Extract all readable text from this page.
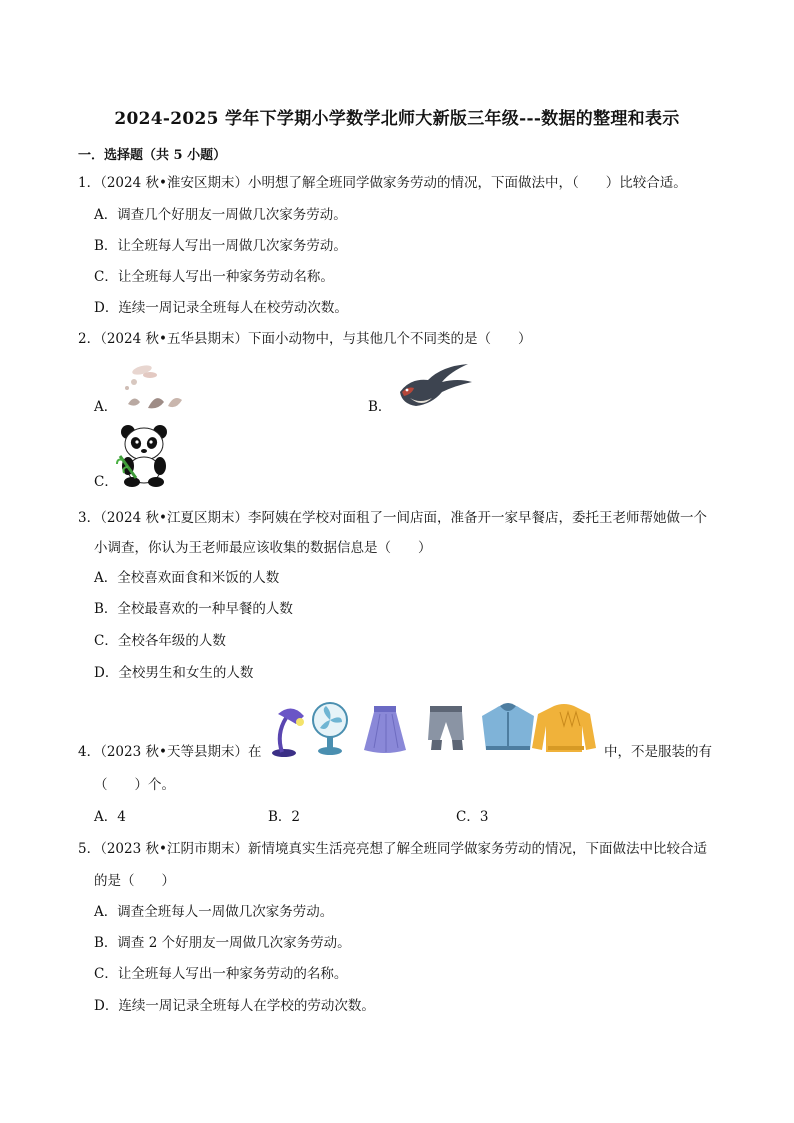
2024-2025 学年下学期小学数学北师大新版三年级---数据的整理和表示
一．选择题（共 5 小题）
1．（2024 秋•淮安区期末）小明想了解全班同学做家务劳动的情况，下面做法中，（　　）比较合适。
A．调查几个好朋友一周做几次家务劳动。
B．让全班每人写出一周做几次家务劳动。
C．让全班每人写出一种家务劳动名称。
D．连续一周记录全班每人在校劳动次数。
2．（2024 秋•五华县期末）下面小动物中，与其他几个不同类的是（　　）
A．	B．
C．
3．（2024 秋•江夏区期末）李阿姨在学校对面租了一间店面，准备开一家早餐店，委托王老师帮她做一个
小调查，你认为王老师最应该收集的数据信息是（　　）
A．全校喜欢面食和米饭的人数
B．全校最喜欢的一种早餐的人数
C．全校各年级的人数
D．全校男生和女生的人数
4．（2023 秋•天等县期末）在	中，不是服装的有
（　　）个。
A．4	B．2	C．3
5．（2023 秋•江阴市期末）新情境真实生活亮亮想了解全班同学做家务劳动的情况，下面做法中比较合适
的是（　　）
A．调查全班每人一周做几次家务劳动。
B．调查 2 个好朋友一周做几次家务劳动。
C．让全班每人写出一种家务劳动的名称。
D．连续一周记录全班每人在学校的劳动次数。
